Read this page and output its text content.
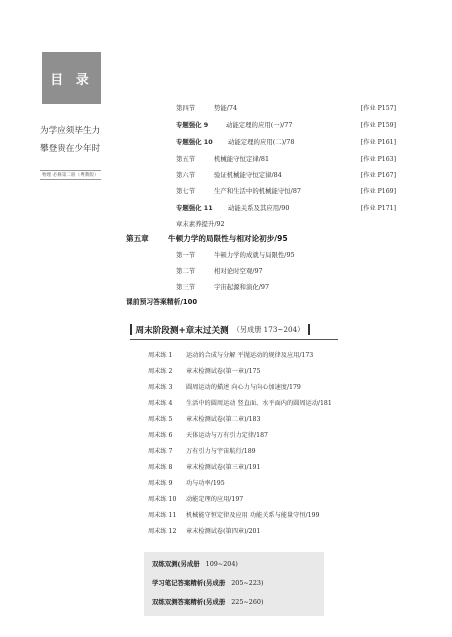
目 录
为学应须毕生力
攀登贵在少年时
物理 必修第二册（粤教版）
第四节	势能/74	[作业 P157]
专题强化 9	动能定理的应用(一)/77	[作业 P159]
专题强化 10 动能定理的应用(二)/78	[作业 P161]
第五节	机械能守恒定律/81	[作业 P163]
第六节	验证机械能守恒定律/84	[作业 P167]
第七节	生产和生活中的机械能守恒/87	[作业 P169]
专题强化 11 动能关系及其应用/90	[作业 P171]
章末素养提升/92
第五章	牛顿力学的局限性与相对论初步/95
第一节	牛顿力学的成就与局限性/95
第二节	相对论时空观/97
第三节	宇宙起源和演化/97
课前预习答案精析/100
周末阶段测+章末过关测 （另成册 173~204）
周末练 1 运动的合成与分解 平抛运动的规律及应用/173
周末练 2 章末检测试卷(第一章)/175
周末练 3 圆周运动的描述 向心力与向心加速度/179
周末练 4 生活中的圆周运动 竖直面、水平面内的圆周运动/181
周末练 5 章末检测试卷(第二章)/183
周末练 6 天体运动与万有引力定律/187
周末练 7 万有引力与宇宙航行/189
周末练 8 章末检测试卷(第三章)/191
周末练 9 功与功率/195
周末练 10 动能定理的应用/197
周末练 11 机械能守恒定律及应用 功能关系与能量守恒/199
周末练 12 章末检测试卷(第四章)/201
双练双测(另成册 109~204)
学习笔记答案精析(另成册 205~223)
双练双测答案精析(另成册 225~260)
